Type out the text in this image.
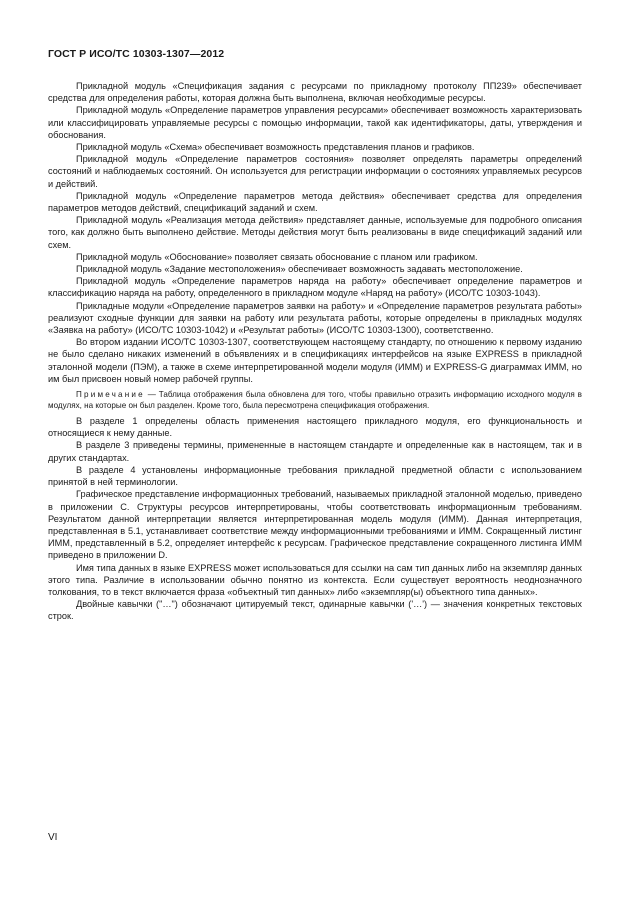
ГОСТ Р ИСО/ТС 10303-1307—2012

Прикладной модуль «Спецификация задания с ресурсами по прикладному протоколу ПП239» обеспечивает средства для определения работы, которая должна быть выполнена, включая необходимые ресурсы.

Прикладной модуль «Определение параметров управления ресурсами» обеспечивает возможность характеризовать или классифицировать управляемые ресурсы с помощью информации, такой как идентификаторы, даты, утверждения и обоснования.

Прикладной модуль «Схема» обеспечивает возможность представления планов и графиков.

Прикладной модуль «Определение параметров состояния» позволяет определять параметры определений состояний и наблюдаемых состояний. Он используется для регистрации информации о состояниях управляемых ресурсов и действий.

Прикладной модуль «Определение параметров метода действия» обеспечивает средства для определения параметров методов действий, спецификаций заданий и схем.

Прикладной модуль «Реализация метода действия» представляет данные, используемые для подробного описания того, как должно быть выполнено действие. Методы действия могут быть реализованы в виде спецификаций заданий или схем.

Прикладной модуль «Обоснование» позволяет связать обоснование с планом или графиком.

Прикладной модуль «Задание местоположения» обеспечивает возможность задавать местоположение.

Прикладной модуль «Определение параметров наряда на работу» обеспечивает определение параметров и классификацию наряда на работу, определенного в прикладном модуле «Наряд на работу» (ИСО/ТС 10303-1043).

Прикладные модули «Определение параметров заявки на работу» и «Определение параметров результата работы» реализуют сходные функции для заявки на работу или результата работы, которые определены в прикладных модулях «Заявка на работу» (ИСО/ТС 10303-1042) и «Результат работы» (ИСО/ТС 10303-1300), соответственно.

Во втором издании ИСО/ТС 10303-1307, соответствующем настоящему стандарту, по отношению к первому изданию не было сделано никаких изменений в объявлениях и в спецификациях интерфейсов на языке EXPRESS в прикладной эталонной модели (ПЭМ), а также в схеме интерпретированной модели модуля (ИММ) и EXPRESS-G диаграммах ИММ, но им был присвоен новый номер рабочей группы.

Примечание — Таблица отображения была обновлена для того, чтобы правильно отразить информацию исходного модуля в модулях, на которые он был разделен. Кроме того, была пересмотрена спецификация отображения.

В разделе 1 определены область применения настоящего прикладного модуля, его функциональность и относящиеся к нему данные.

В разделе 3 приведены термины, примененные в настоящем стандарте и определенные как в настоящем, так и в других стандартах.

В разделе 4 установлены информационные требования прикладной предметной области с использованием принятой в ней терминологии.

Графическое представление информационных требований, называемых прикладной эталонной моделью, приведено в приложении C. Структуры ресурсов интерпретированы, чтобы соответствовать информационным требованиям. Результатом данной интерпретации является интерпретированная модель модуля (ИММ). Данная интерпретация, представленная в 5.1, устанавливает соответствие между информационными требованиями и ИММ. Сокращенный листинг ИММ, представленный в 5.2, определяет интерфейс к ресурсам. Графическое представление сокращенного листинга ИММ приведено в приложении D.

Имя типа данных в языке EXPRESS может использоваться для ссылки на сам тип данных либо на экземпляр данных этого типа. Различие в использовании обычно понятно из контекста. Если существует вероятность неоднозначного толкования, то в текст включается фраза «объектный тип данных» либо «экземпляр(ы) объектного типа данных».

Двойные кавычки ("…") обозначают цитируемый текст, одинарные кавычки ('…') — значения конкретных текстовых строк.

VI
